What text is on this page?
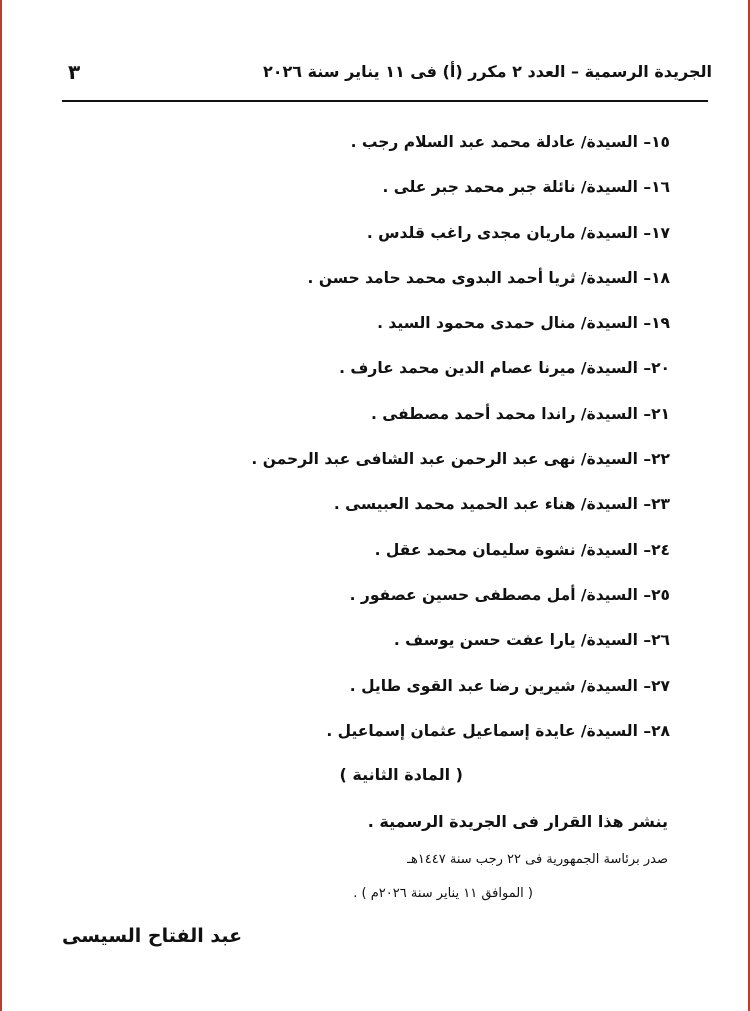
٣	الجريدة الرسمية – العدد ٢ مكرر (أ) فى ١١ يناير سنة ٢٠٢٦
١٥– السيدة/ عادلة محمد عبد السلام رجب .
١٦– السيدة/ نائلة جبر محمد جبر على .
١٧– السيدة/ ماريان مجدى راغب قلدس .
١٨– السيدة/ ثريا أحمد البدوى محمد حامد حسن .
١٩– السيدة/ منال حمدى محمود السيد .
٢٠– السيدة/ ميرنا عصام الدين محمد عارف .
٢١– السيدة/ راندا محمد أحمد مصطفى .
٢٢– السيدة/ نهى عبد الرحمن عبد الشافى عبد الرحمن .
٢٣– السيدة/ هناء عبد الحميد محمد العبيسى .
٢٤– السيدة/ نشوة سليمان محمد عقل .
٢٥– السيدة/ أمل مصطفى حسين عصفور .
٢٦– السيدة/ يارا عفت حسن يوسف .
٢٧– السيدة/ شيرين رضا عبد القوى طايل .
٢٨– السيدة/ عايدة إسماعيل عثمان إسماعيل .
( المادة الثانية )
ينشر هذا القرار فى الجريدة الرسمية .
صدر برئاسة الجمهورية فى ٢٢ رجب سنة ١٤٤٧هـ
( الموافق ١١ يناير سنة ٢٠٢٦م ) .
عبد الفتاح السيسى
